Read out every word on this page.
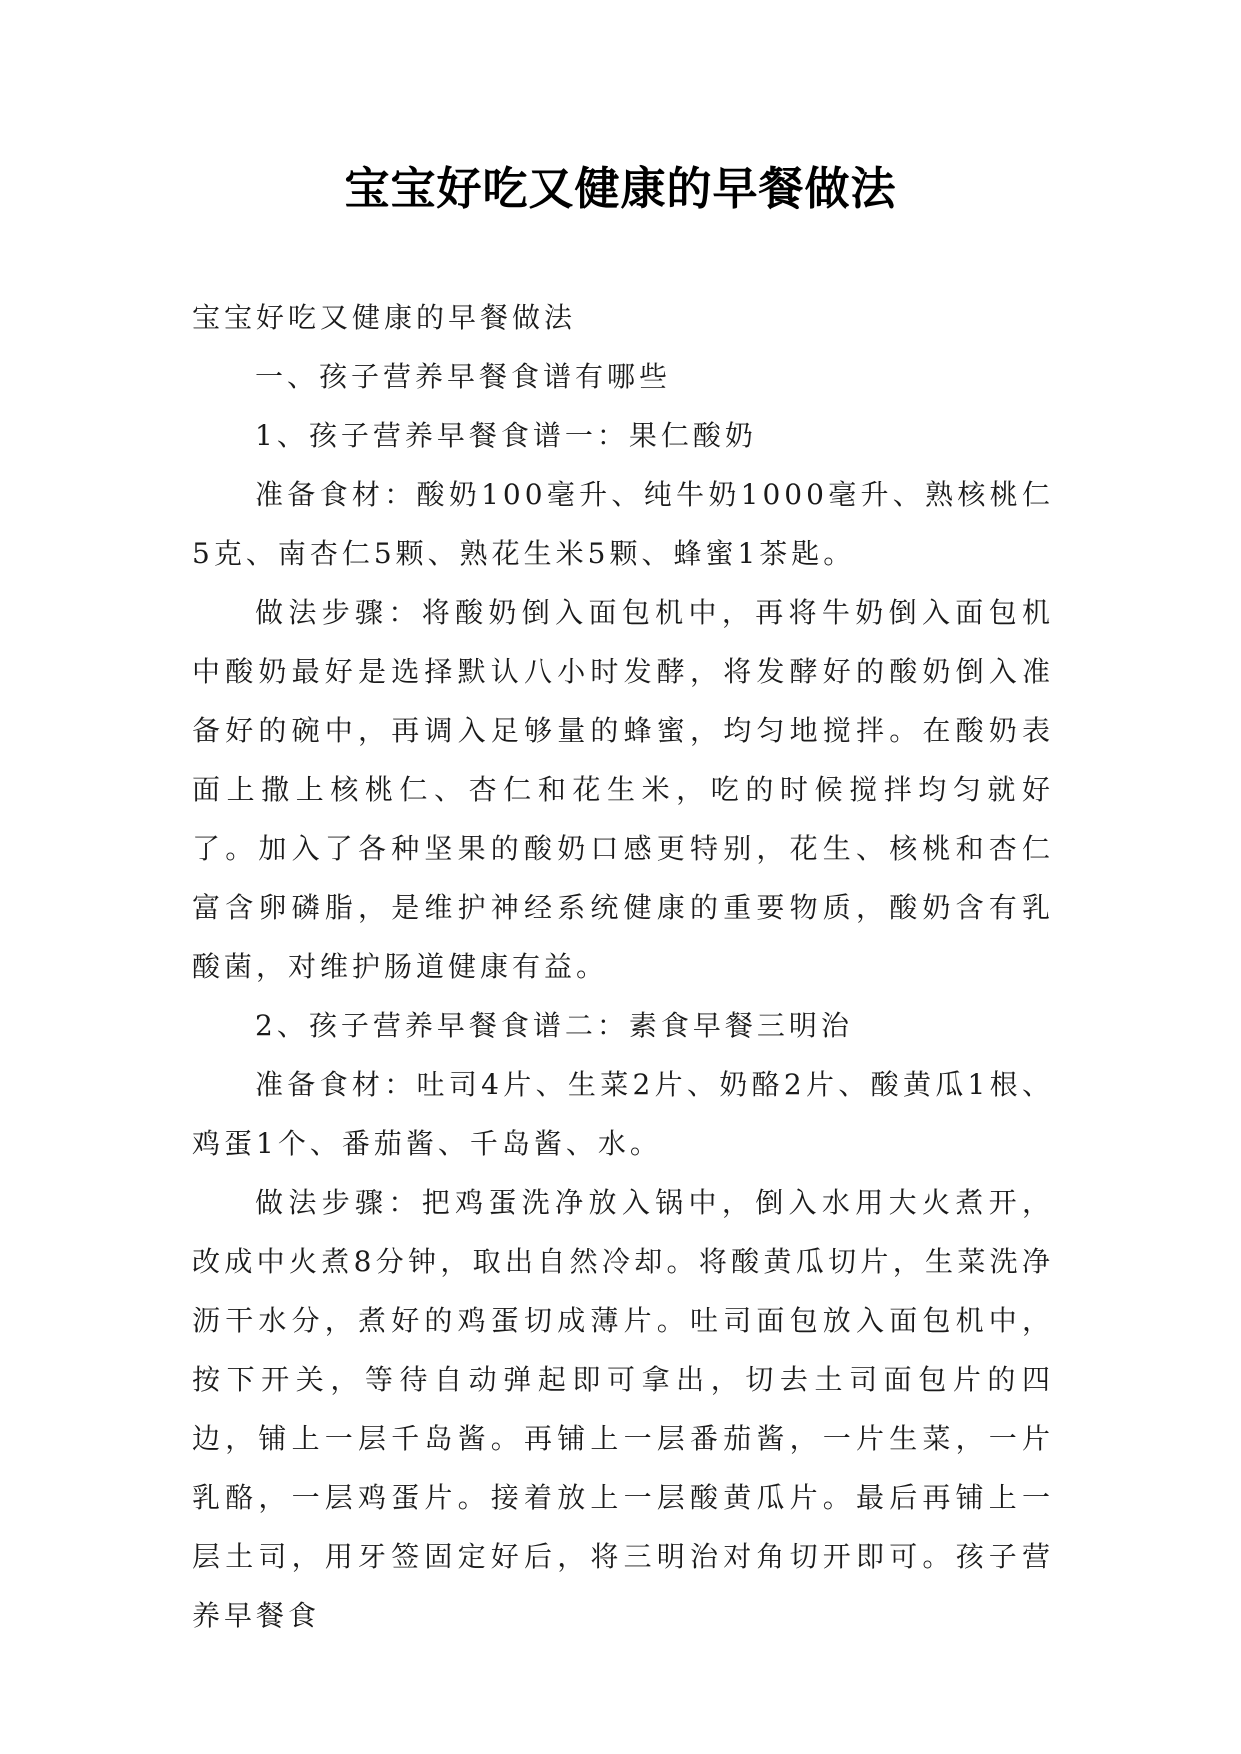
宝宝好吃又健康的早餐做法

宝宝好吃又健康的早餐做法

一、孩子营养早餐食谱有哪些

1、孩子营养早餐食谱一：果仁酸奶

准备食材：酸奶100毫升、纯牛奶1000毫升、熟核桃仁5克、南杏仁5颗、熟花生米5颗、蜂蜜1茶匙。

做法步骤：将酸奶倒入面包机中，再将牛奶倒入面包机中酸奶最好是选择默认八小时发酵，将发酵好的酸奶倒入准备好的碗中，再调入足够量的蜂蜜，均匀地搅拌。在酸奶表面上撒上核桃仁、杏仁和花生米，吃的时候搅拌均匀就好了。加入了各种坚果的酸奶口感更特别，花生、核桃和杏仁富含卵磷脂，是维护神经系统健康的重要物质，酸奶含有乳酸菌，对维护肠道健康有益。

2、孩子营养早餐食谱二：素食早餐三明治

准备食材：吐司4片、生菜2片、奶酪2片、酸黄瓜1根、鸡蛋1个、番茄酱、千岛酱、水。

做法步骤：把鸡蛋洗净放入锅中，倒入水用大火煮开，改成中火煮8分钟，取出自然冷却。将酸黄瓜切片，生菜洗净沥干水分，煮好的鸡蛋切成薄片。吐司面包放入面包机中，按下开关，等待自动弹起即可拿出，切去土司面包片的四边，铺上一层千岛酱。再铺上一层番茄酱，一片生菜，一片乳酪，一层鸡蛋片。接着放上一层酸黄瓜片。最后再铺上一层土司，用牙签固定好后，将三明治对角切开即可。孩子营养早餐食
